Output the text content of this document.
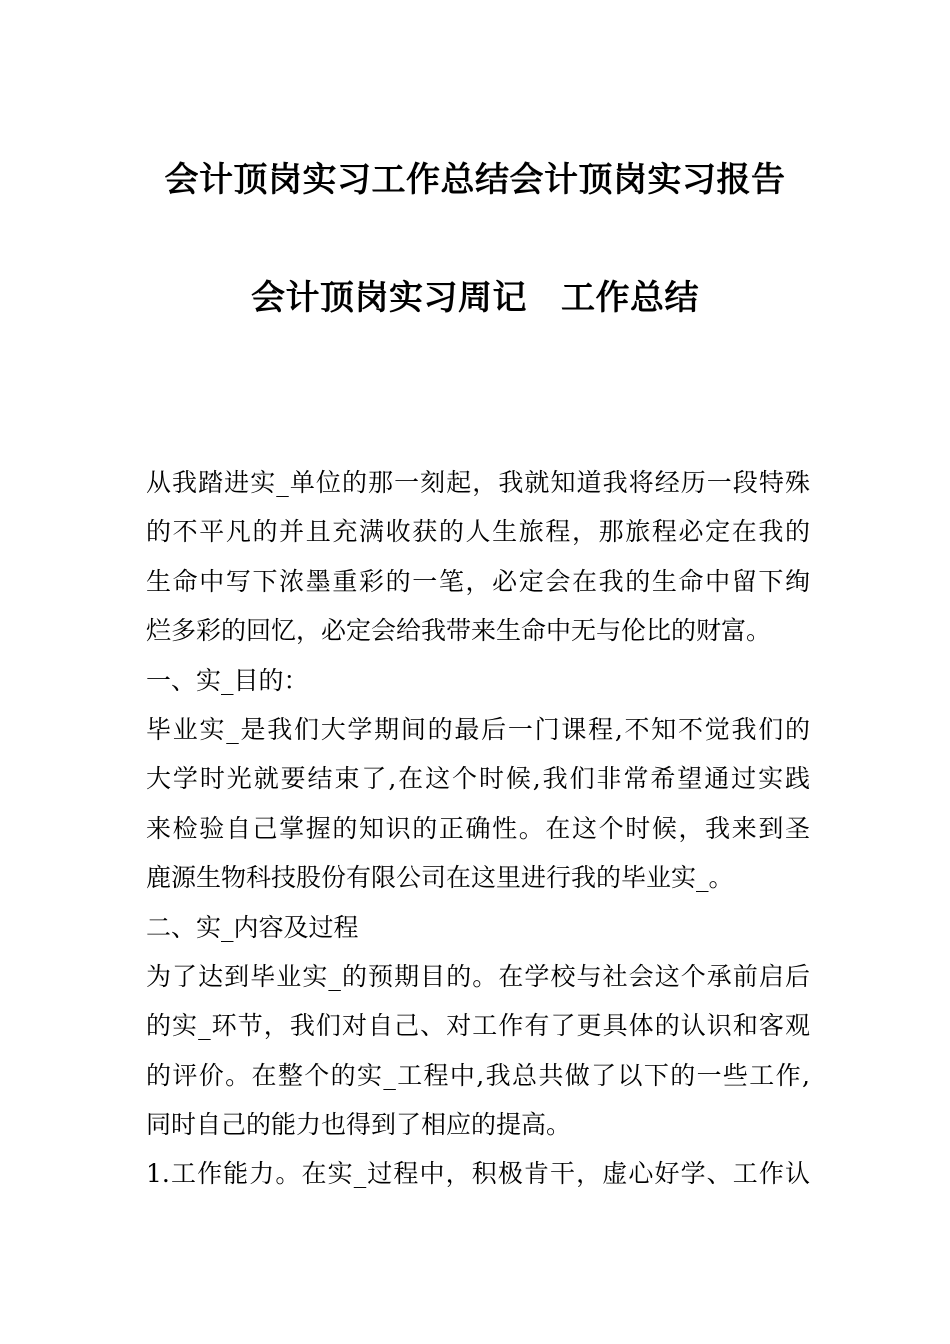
会计顶岗实习工作总结会计顶岗实习报告
会计顶岗实习周记 工作总结
从我踏进实_单位的那一刻起，我就知道我将经历一段特殊
的不平凡的并且充满收获的人生旅程，那旅程必定在我的
生命中写下浓墨重彩的一笔，必定会在我的生命中留下绚
烂多彩的回忆，必定会给我带来生命中无与伦比的财富。
一、实_目的：
毕业实_是我们大学期间的最后一门课程,不知不觉我们的
大学时光就要结束了,在这个时候,我们非常希望通过实践
来检验自己掌握的知识的正确性。在这个时候，我来到圣
鹿源生物科技股份有限公司在这里进行我的毕业实_。
二、实_内容及过程
为了达到毕业实_的预期目的。在学校与社会这个承前启后
的实_环节，我们对自己、对工作有了更具体的认识和客观
的评价。在整个的实_工程中,我总共做了以下的一些工作,
同时自己的能力也得到了相应的提高。
1.工作能力。在实_过程中，积极肯干，虚心好学、工作认
